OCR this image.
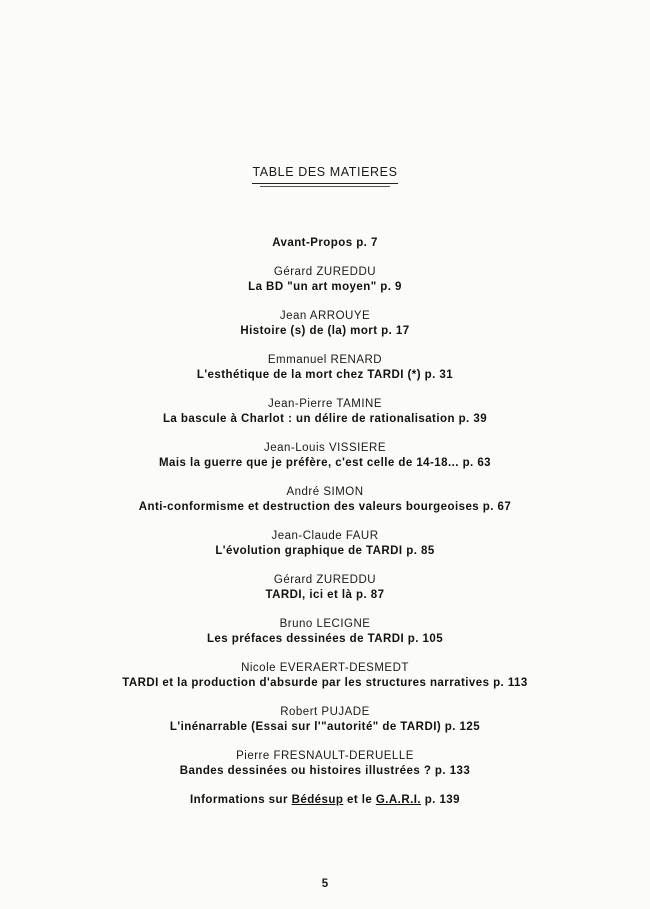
TABLE DES MATIERES
Avant-Propos p. 7
Gérard ZUREDDU
La BD "un art moyen" p. 9
Jean ARROUYE
Histoire (s) de (la) mort p. 17
Emmanuel RENARD
L'esthétique de la mort chez TARDI (*) p. 31
Jean-Pierre TAMINE
La bascule à Charlot : un délire de rationalisation p. 39
Jean-Louis VISSIERE
Mais la guerre que je préfère, c'est celle de 14-18... p. 63
André SIMON
Anti-conformisme et destruction des valeurs bourgeoises p. 67
Jean-Claude FAUR
L'évolution graphique de TARDI p. 85
Gérard ZUREDDU
TARDI, ici et là p. 87
Bruno LECIGNE
Les préfaces dessinées de TARDI p. 105
Nicole EVERAERT-DESMEDT
TARDI et la production d'absurde par les structures narratives p. 113
Robert PUJADE
L'inénarrable (Essai sur l'"autorité" de TARDI) p. 125
Pierre FRESNAULT-DERUELLE
Bandes dessinées ou histoires illustrées ? p. 133
Informations sur Bédésup et le G.A.R.I. p. 139
5
